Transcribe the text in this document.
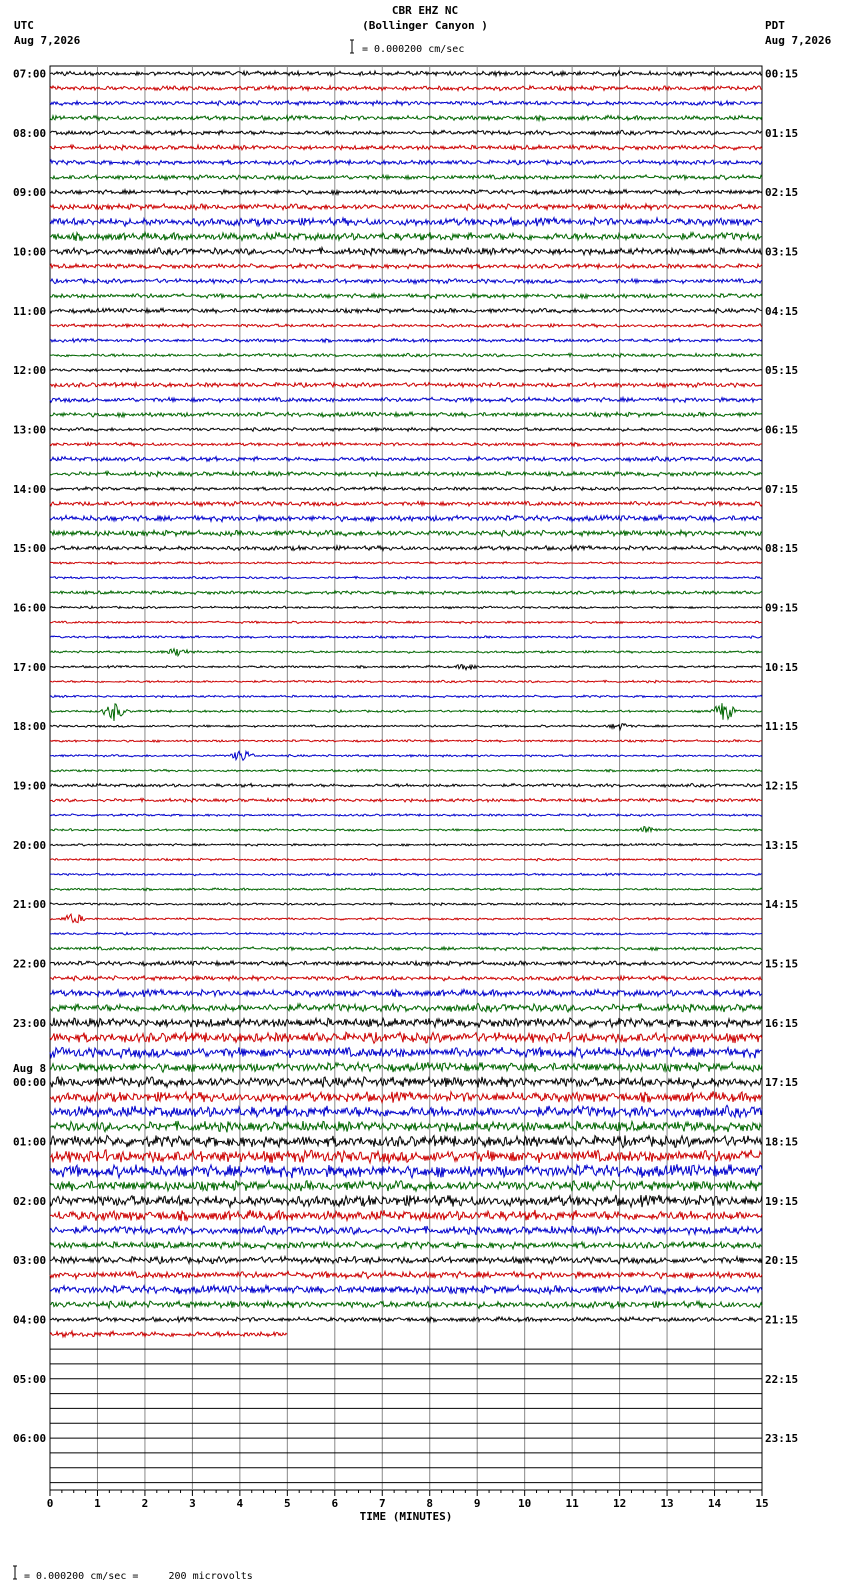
CBR EHZ NC
(Bollinger Canyon )
UTC
Aug 7,2026
PDT
Aug 7,2026
= 0.000200 cm/sec
07:00
08:00
09:00
10:00
11:00
12:00
13:00
14:00
15:00
16:00
17:00
18:00
19:00
20:00
21:00
22:00
23:00
00:00
Aug 8
01:00
02:00
03:00
04:00
05:00
06:00
00:15
01:15
02:15
03:15
04:15
05:15
06:15
07:15
08:15
09:15
10:15
11:15
12:15
13:15
14:15
15:15
16:15
17:15
18:15
19:15
20:15
21:15
22:15
23:15
0	1	2	3	4	5	6	7	8	9	10	11	12	13	14	15
TIME (MINUTES)
= 0.000200 cm/sec =     200 microvolts
